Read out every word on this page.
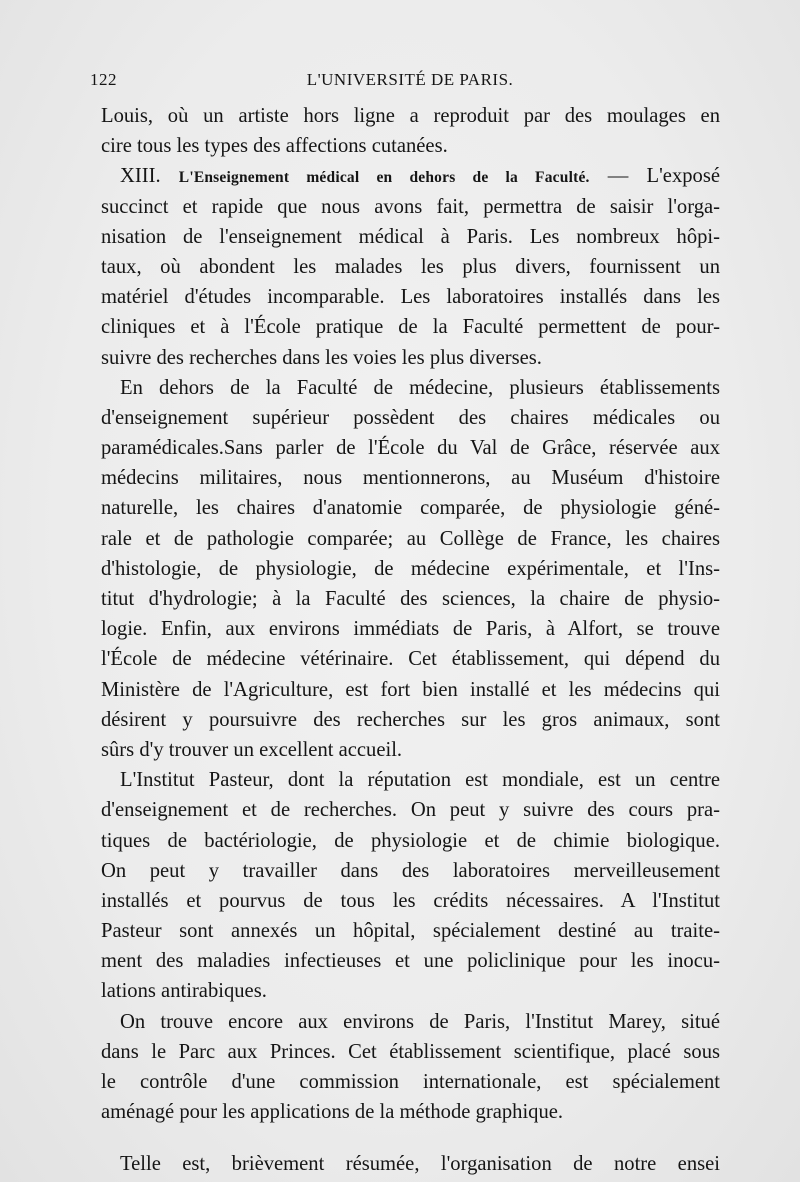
122	L'UNIVERSITÉ DE PARIS.
Louis, où un artiste hors ligne a reproduit par des moulages en
cire tous les types des affections cutanées.
XIII. L'Enseignement médical en dehors de la Faculté. — L'exposé
succinct et rapide que nous avons fait, permettra de saisir l'orga-
nisation de l'enseignement médical à Paris. Les nombreux hôpi-
taux, où abondent les malades les plus divers, fournissent un
matériel d'études incomparable. Les laboratoires installés dans les
cliniques et à l'École pratique de la Faculté permettent de pour-
suivre des recherches dans les voies les plus diverses.
En dehors de la Faculté de médecine, plusieurs établissements
d'enseignement supérieur possèdent des chaires médicales ou
paramédicales.Sans parler de l'École du Val de Grâce, réservée aux
médecins militaires, nous mentionnerons, au Muséum d'histoire
naturelle, les chaires d'anatomie comparée, de physiologie géné-
rale et de pathologie comparée; au Collège de France, les chaires
d'histologie, de physiologie, de médecine expérimentale, et l'Ins-
titut d'hydrologie; à la Faculté des sciences, la chaire de physio-
logie. Enfin, aux environs immédiats de Paris, à Alfort, se trouve
l'École de médecine vétérinaire. Cet établissement, qui dépend du
Ministère de l'Agriculture, est fort bien installé et les médecins qui
désirent y poursuivre des recherches sur les gros animaux, sont
sûrs d'y trouver un excellent accueil.
L'Institut Pasteur, dont la réputation est mondiale, est un centre
d'enseignement et de recherches. On peut y suivre des cours pra-
tiques de bactériologie, de physiologie et de chimie biologique.
On peut y travailler dans des laboratoires merveilleusement
installés et pourvus de tous les crédits nécessaires. A l'Institut
Pasteur sont annexés un hôpital, spécialement destiné au traite-
ment des maladies infectieuses et une policlinique pour les inocu-
lations antirabiques.
On trouve encore aux environs de Paris, l'Institut Marey, situé
dans le Parc aux Princes. Cet établissement scientifique, placé sous
le contrôle d'une commission internationale, est spécialement
aménagé pour les applications de la méthode graphique.
Telle est, brièvement résumée, l'organisation de notre ensei
